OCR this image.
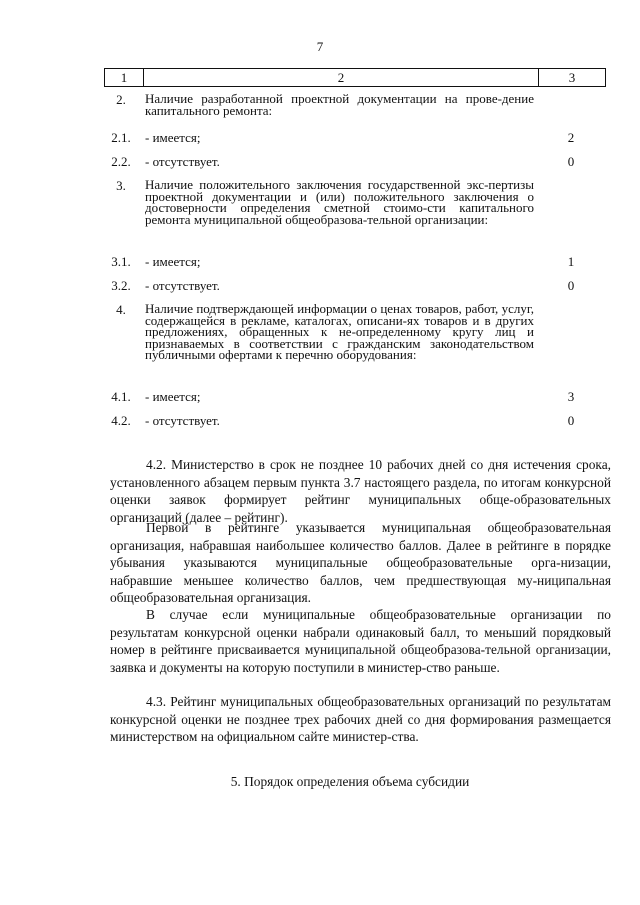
7
1	2	3
2.	Наличие разработанной проектной документации на прове-дение капитального ремонта:
2.1.	- имеется;	2
2.2.	- отсутствует.	0
3.	Наличие положительного заключения государственной экс-пертизы проектной документации и (или) положительного заключения о достоверности определения сметной стоимо-сти капитального ремонта муниципальной общеобразова-тельной организации:
3.1.	- имеется;	1
3.2.	- отсутствует.	0
4.	Наличие подтверждающей информации о ценах товаров, работ, услуг, содержащейся в рекламе, каталогах, описани-ях товаров и в других предложениях, обращенных к не-определенному кругу лиц и признаваемых в соответствии с гражданским законодательством публичными офертами к перечню оборудования:
4.1.	- имеется;	3
4.2.	- отсутствует.	0

4.2. Министерство в срок не позднее 10 рабочих дней со дня истечения срока, установленного абзацем первым пункта 3.7 настоящего раздела, по итогам конкурсной оценки заявок формирует рейтинг муниципальных обще-образовательных организаций (далее – рейтинг).

Первой в рейтинге указывается муниципальная общеобразовательная организация, набравшая наибольшее количество баллов. Далее в рейтинге в порядке убывания указываются муниципальные общеобразовательные орга-низации, набравшие меньшее количество баллов, чем предшествующая му-ниципальная общеобразовательная организация.

В случае если муниципальные общеобразовательные организации по результатам конкурсной оценки набрали одинаковый балл, то меньший порядковый номер в рейтинге присваивается муниципальной общеобразова-тельной организации, заявка и документы на которую поступили в министер-ство раньше.

4.3. Рейтинг муниципальных общеобразовательных организаций по результатам конкурсной оценки не позднее трех рабочих дней со дня формирования размещается министерством на официальном сайте министер-ства.

5. Порядок определения объема субсидии
